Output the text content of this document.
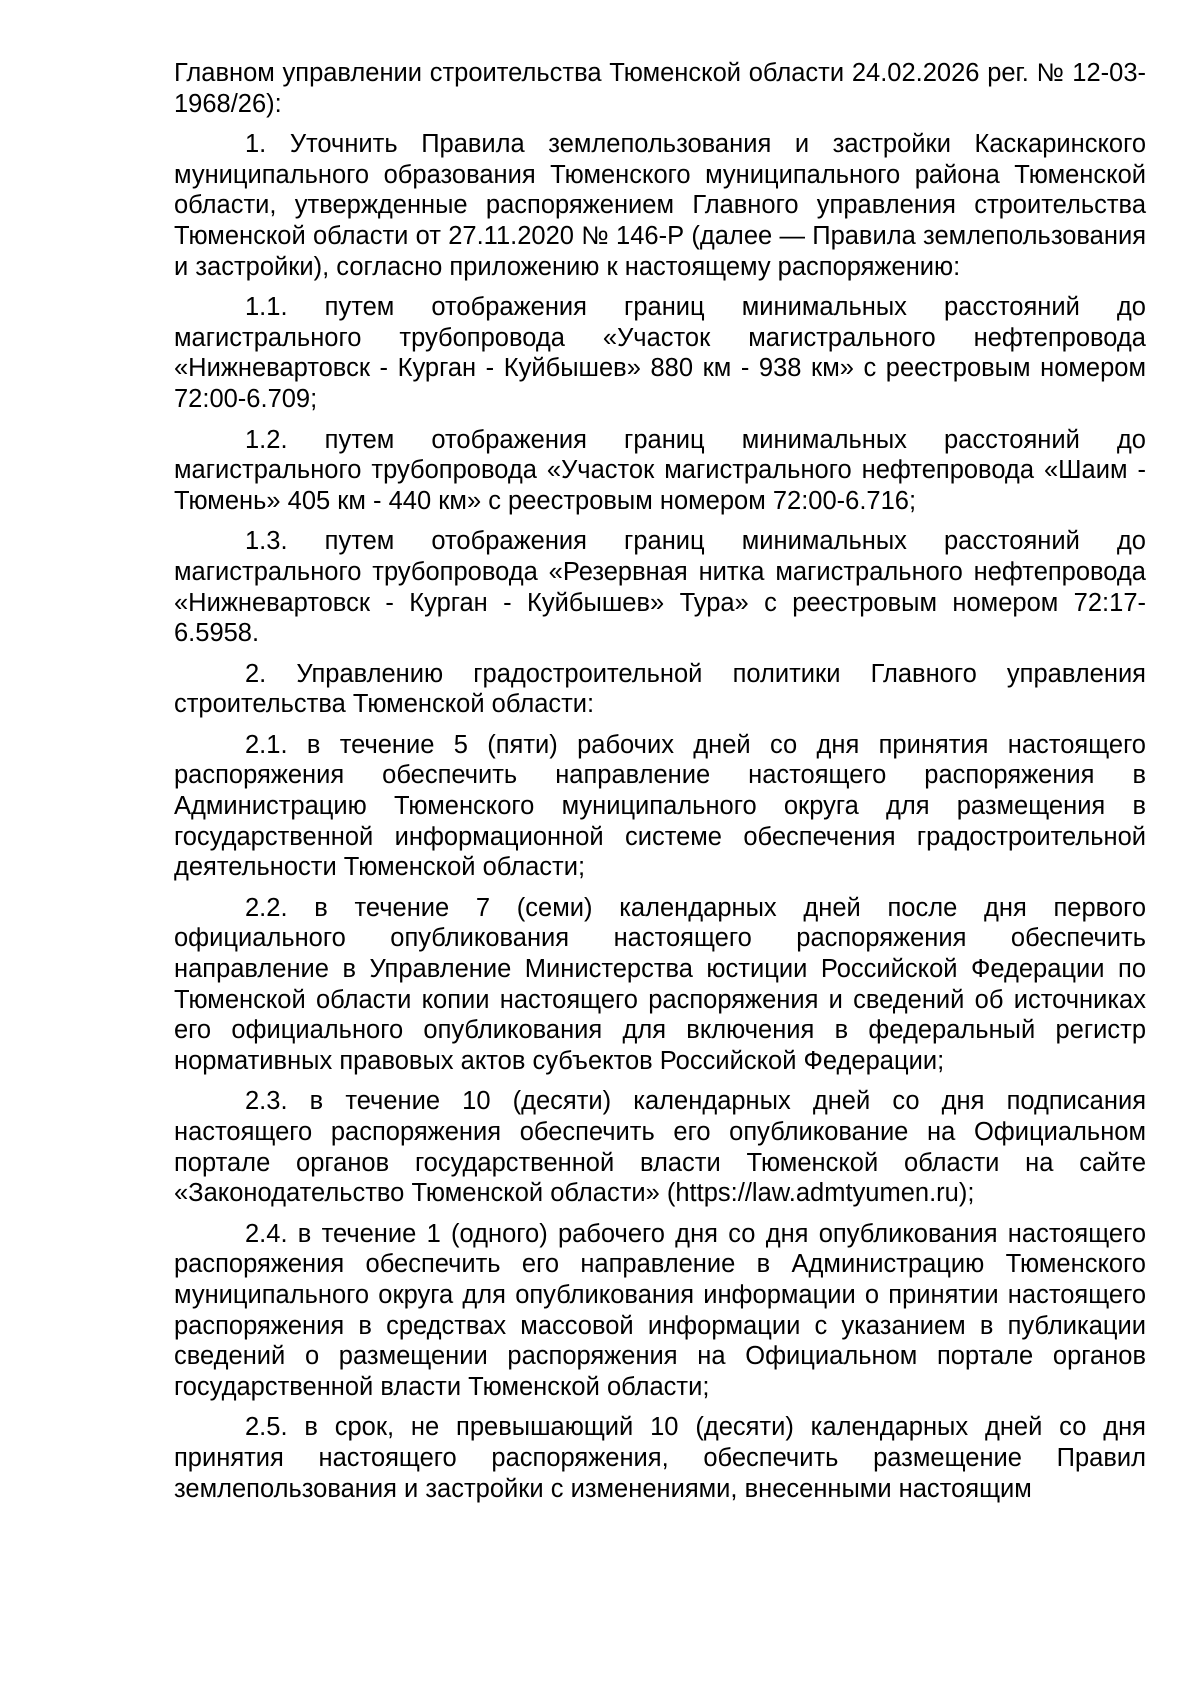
Главном управлении строительства Тюменской области 24.02.2026 рег. № 12-03-1968/26):

1. Уточнить Правила землепользования и застройки Каскаринского муниципального образования Тюменского муниципального района Тюменской области, утвержденные распоряжением Главного управления строительства Тюменской области от 27.11.2020 № 146-Р (далее — Правила землепользования и застройки), согласно приложению к настоящему распоряжению:

1.1. путем отображения границ минимальных расстояний до магистрального трубопровода «Участок магистрального нефтепровода «Нижневартовск - Курган - Куйбышев» 880 км - 938 км» с реестровым номером 72:00-6.709;

1.2. путем отображения границ минимальных расстояний до магистрального трубопровода «Участок магистрального нефтепровода «Шаим - Тюмень» 405 км - 440 км» с реестровым номером 72:00-6.716;

1.3. путем отображения границ минимальных расстояний до магистрального трубопровода «Резервная нитка магистрального нефтепровода «Нижневартовск - Курган - Куйбышев» Тура» с реестровым номером 72:17-6.5958.

2. Управлению градостроительной политики Главного управления строительства Тюменской области:

2.1. в течение 5 (пяти) рабочих дней со дня принятия настоящего распоряжения обеспечить направление настоящего распоряжения в Администрацию Тюменского муниципального округа для размещения в государственной информационной системе обеспечения градостроительной деятельности Тюменской области;

2.2. в течение 7 (семи) календарных дней после дня первого официального опубликования настоящего распоряжения обеспечить направление в Управление Министерства юстиции Российской Федерации по Тюменской области копии настоящего распоряжения и сведений об источниках его официального опубликования для включения в федеральный регистр нормативных правовых актов субъектов Российской Федерации;

2.3. в течение 10 (десяти) календарных дней со дня подписания настоящего распоряжения обеспечить его опубликование на Официальном портале органов государственной власти Тюменской области на сайте «Законодательство Тюменской области» (https://law.admtyumen.ru);

2.4. в течение 1 (одного) рабочего дня со дня опубликования настоящего распоряжения обеспечить его направление в Администрацию Тюменского муниципального округа для опубликования информации о принятии настоящего распоряжения в средствах массовой информации с указанием в публикации сведений о размещении распоряжения на Официальном портале органов государственной власти Тюменской области;

2.5. в срок, не превышающий 10 (десяти) календарных дней со дня принятия настоящего распоряжения, обеспечить размещение Правил землепользования и застройки с изменениями, внесенными настоящим
